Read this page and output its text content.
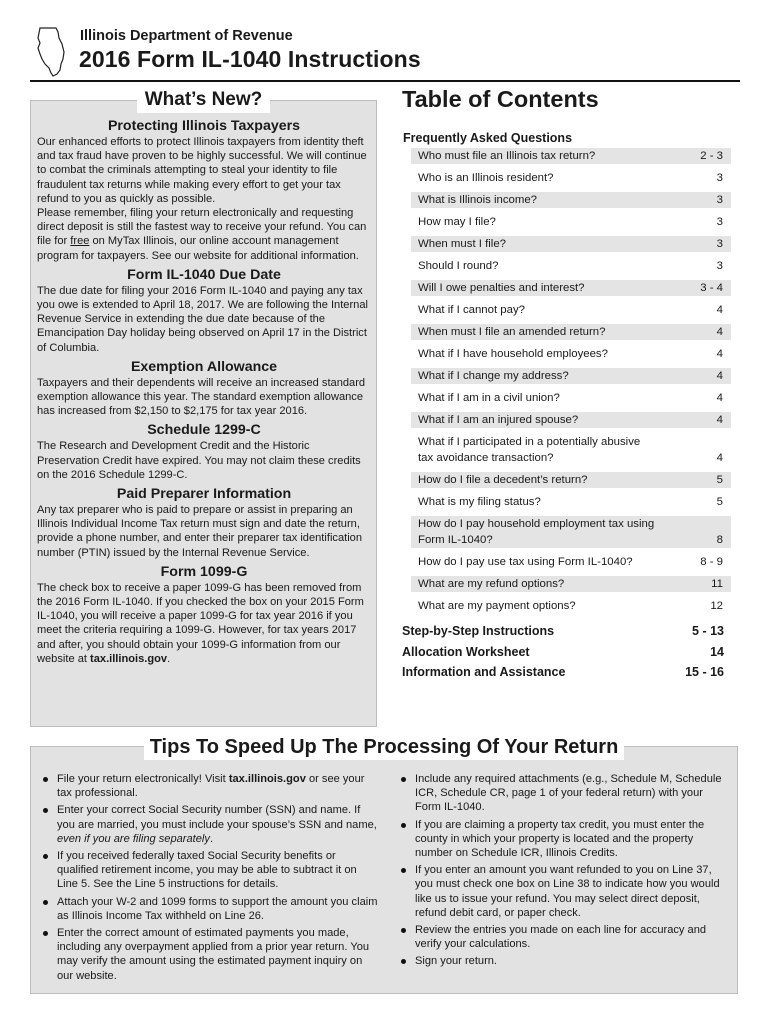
Illinois Department of Revenue
2016 Form IL-1040 Instructions
What’s New?
Protecting Illinois Taxpayers
Our enhanced efforts to protect Illinois taxpayers from identity theft and tax fraud have proven to be highly successful. We will continue to combat the criminals attempting to steal your identity to file fraudulent tax returns while making every effort to get your tax refund to you as quickly as possible.
Please remember, filing your return electronically and requesting direct deposit is still the fastest way to receive your refund. You can file for free on MyTax Illinois, our online account management program for taxpayers. See our website for additional information.
Form IL-1040 Due Date
The due date for filing your 2016 Form IL-1040 and paying any tax you owe is extended to April 18, 2017. We are following the Internal Revenue Service in extending the due date because of the Emancipation Day holiday being observed on April 17 in the District of Columbia.
Exemption Allowance
Taxpayers and their dependents will receive an increased standard exemption allowance this year. The standard exemption allowance has increased from $2,150 to $2,175 for tax year 2016.
Schedule 1299-C
The Research and Development Credit and the Historic Preservation Credit have expired. You may not claim these credits on the 2016 Schedule 1299-C.
Paid Preparer Information
Any tax preparer who is paid to prepare or assist in preparing an Illinois Individual Income Tax return must sign and date the return, provide a phone number, and enter their preparer tax identification number (PTIN) issued by the Internal Revenue Service.
Form 1099-G
The check box to receive a paper 1099-G has been removed from the 2016 Form IL-1040. If you checked the box on your 2015 Form IL-1040, you will receive a paper 1099-G for tax year 2016 if you meet the criteria requiring a 1099-G. However, for tax years 2017 and after, you should obtain your 1099-G information from our website at tax.illinois.gov.
Table of Contents
Frequently Asked Questions
Who must file an Illinois tax return?	2 - 3
Who is an Illinois resident?	3
What is Illinois income?	3
How may I file?	3
When must I file?	3
Should I round?	3
Will I owe penalties and interest?	3 - 4
What if I cannot pay?	4
When must I file an amended return?	4
What if I have household employees?	4
What if I change my address?	4
What if I am in a civil union?	4
What if I am an injured spouse?	4
What if I participated in a potentially abusive
tax avoidance transaction?	4
How do I file a decedent’s return?	5
What is my filing status?	5
How do I pay household employment tax using
Form IL-1040?	8
How do I pay use tax using Form IL-1040?	8 - 9
What are my refund options?	11
What are my payment options?	12
Step-by-Step Instructions	5 - 13
Allocation Worksheet	14
Information and Assistance	15 - 16
Tips To Speed Up The Processing Of Your Return
File your return electronically! Visit tax.illinois.gov or see your tax professional.
Enter your correct Social Security number (SSN) and name. If you are married, you must include your spouse’s SSN and name, even if you are filing separately.
If you received federally taxed Social Security benefits or qualified retirement income, you may be able to subtract it on Line 5. See the Line 5 instructions for details.
Attach your W-2 and 1099 forms to support the amount you claim as Illinois Income Tax withheld on Line 26.
Enter the correct amount of estimated payments you made, including any overpayment applied from a prior year return. You may verify the amount using the estimated payment inquiry on our website.
Include any required attachments (e.g., Schedule M, Schedule ICR, Schedule CR, page 1 of your federal return) with your Form IL-1040.
If you are claiming a property tax credit, you must enter the county in which your property is located and the property number on Schedule ICR, Illinois Credits.
If you enter an amount you want refunded to you on Line 37, you must check one box on Line 38 to indicate how you would like us to issue your refund. You may select direct deposit, refund debit card, or paper check.
Review the entries you made on each line for accuracy and verify your calculations.
Sign your return.
